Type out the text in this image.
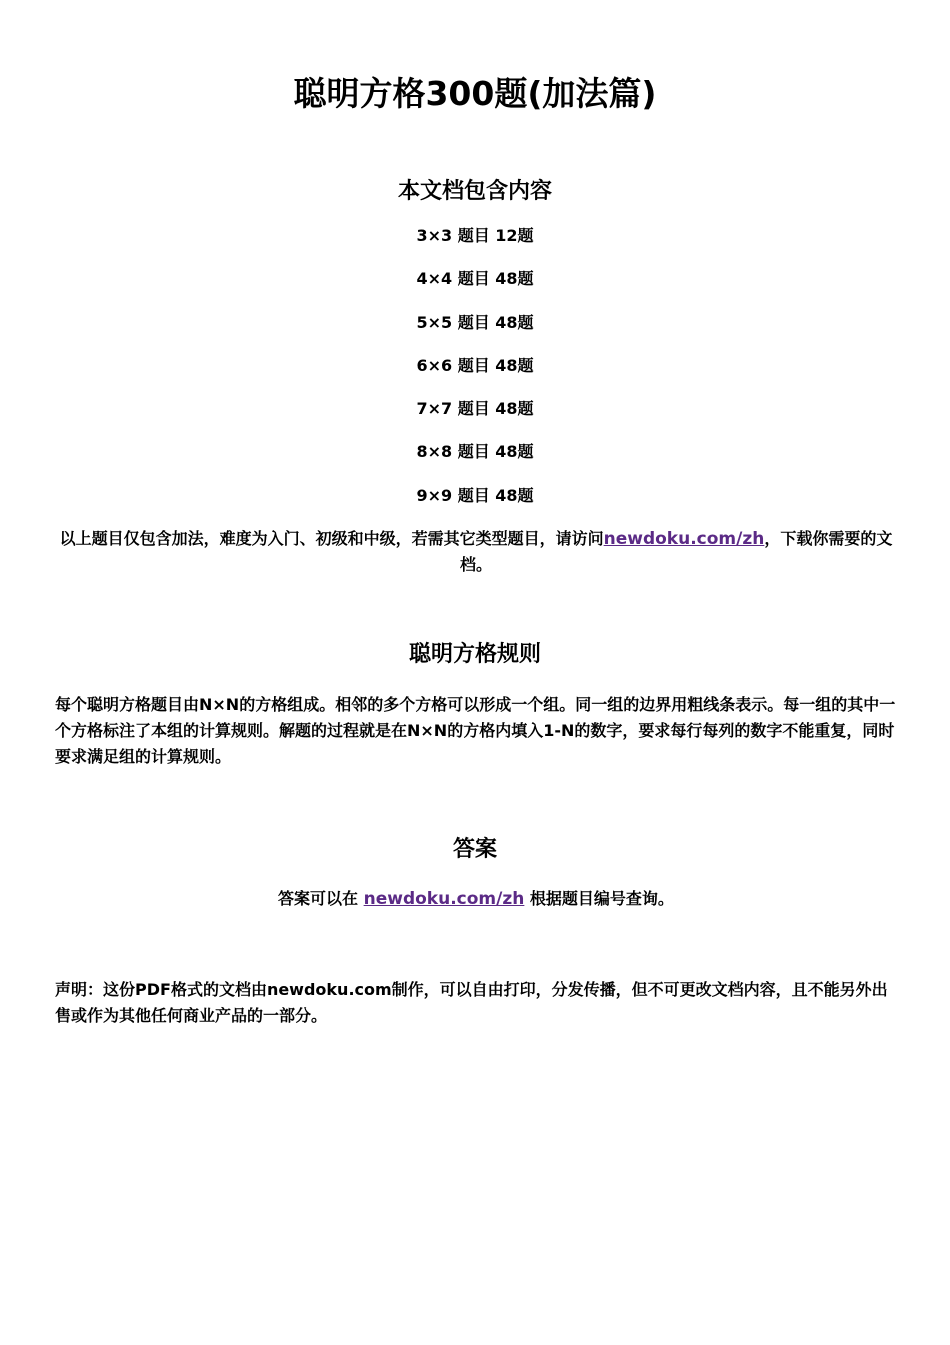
聪明方格300题(加法篇)
本文档包含内容
3×3 题目 12题
4×4 题目 48题
5×5 题目 48题
6×6 题目 48题
7×7 题目 48题
8×8 题目 48题
9×9 题目 48题

以上题目仅包含加法，难度为入门、初级和中级，若需其它类型题目，请访问newdoku.com/zh，下载你需要的文档。

聪明方格规则

每个聪明方格题目由N×N的方格组成。相邻的多个方格可以形成一个组。同一组的边界用粗线条表示。每一组的其中一个方格标注了本组的计算规则。解题的过程就是在N×N的方格内填入1-N的数字，要求每行每列的数字不能重复，同时要求满足组的计算规则。

答案

答案可以在 newdoku.com/zh 根据题目编号查询。

声明：这份PDF格式的文档由newdoku.com制作，可以自由打印，分发传播，但不可更改文档内容，且不能另外出售或作为其他任何商业产品的一部分。
